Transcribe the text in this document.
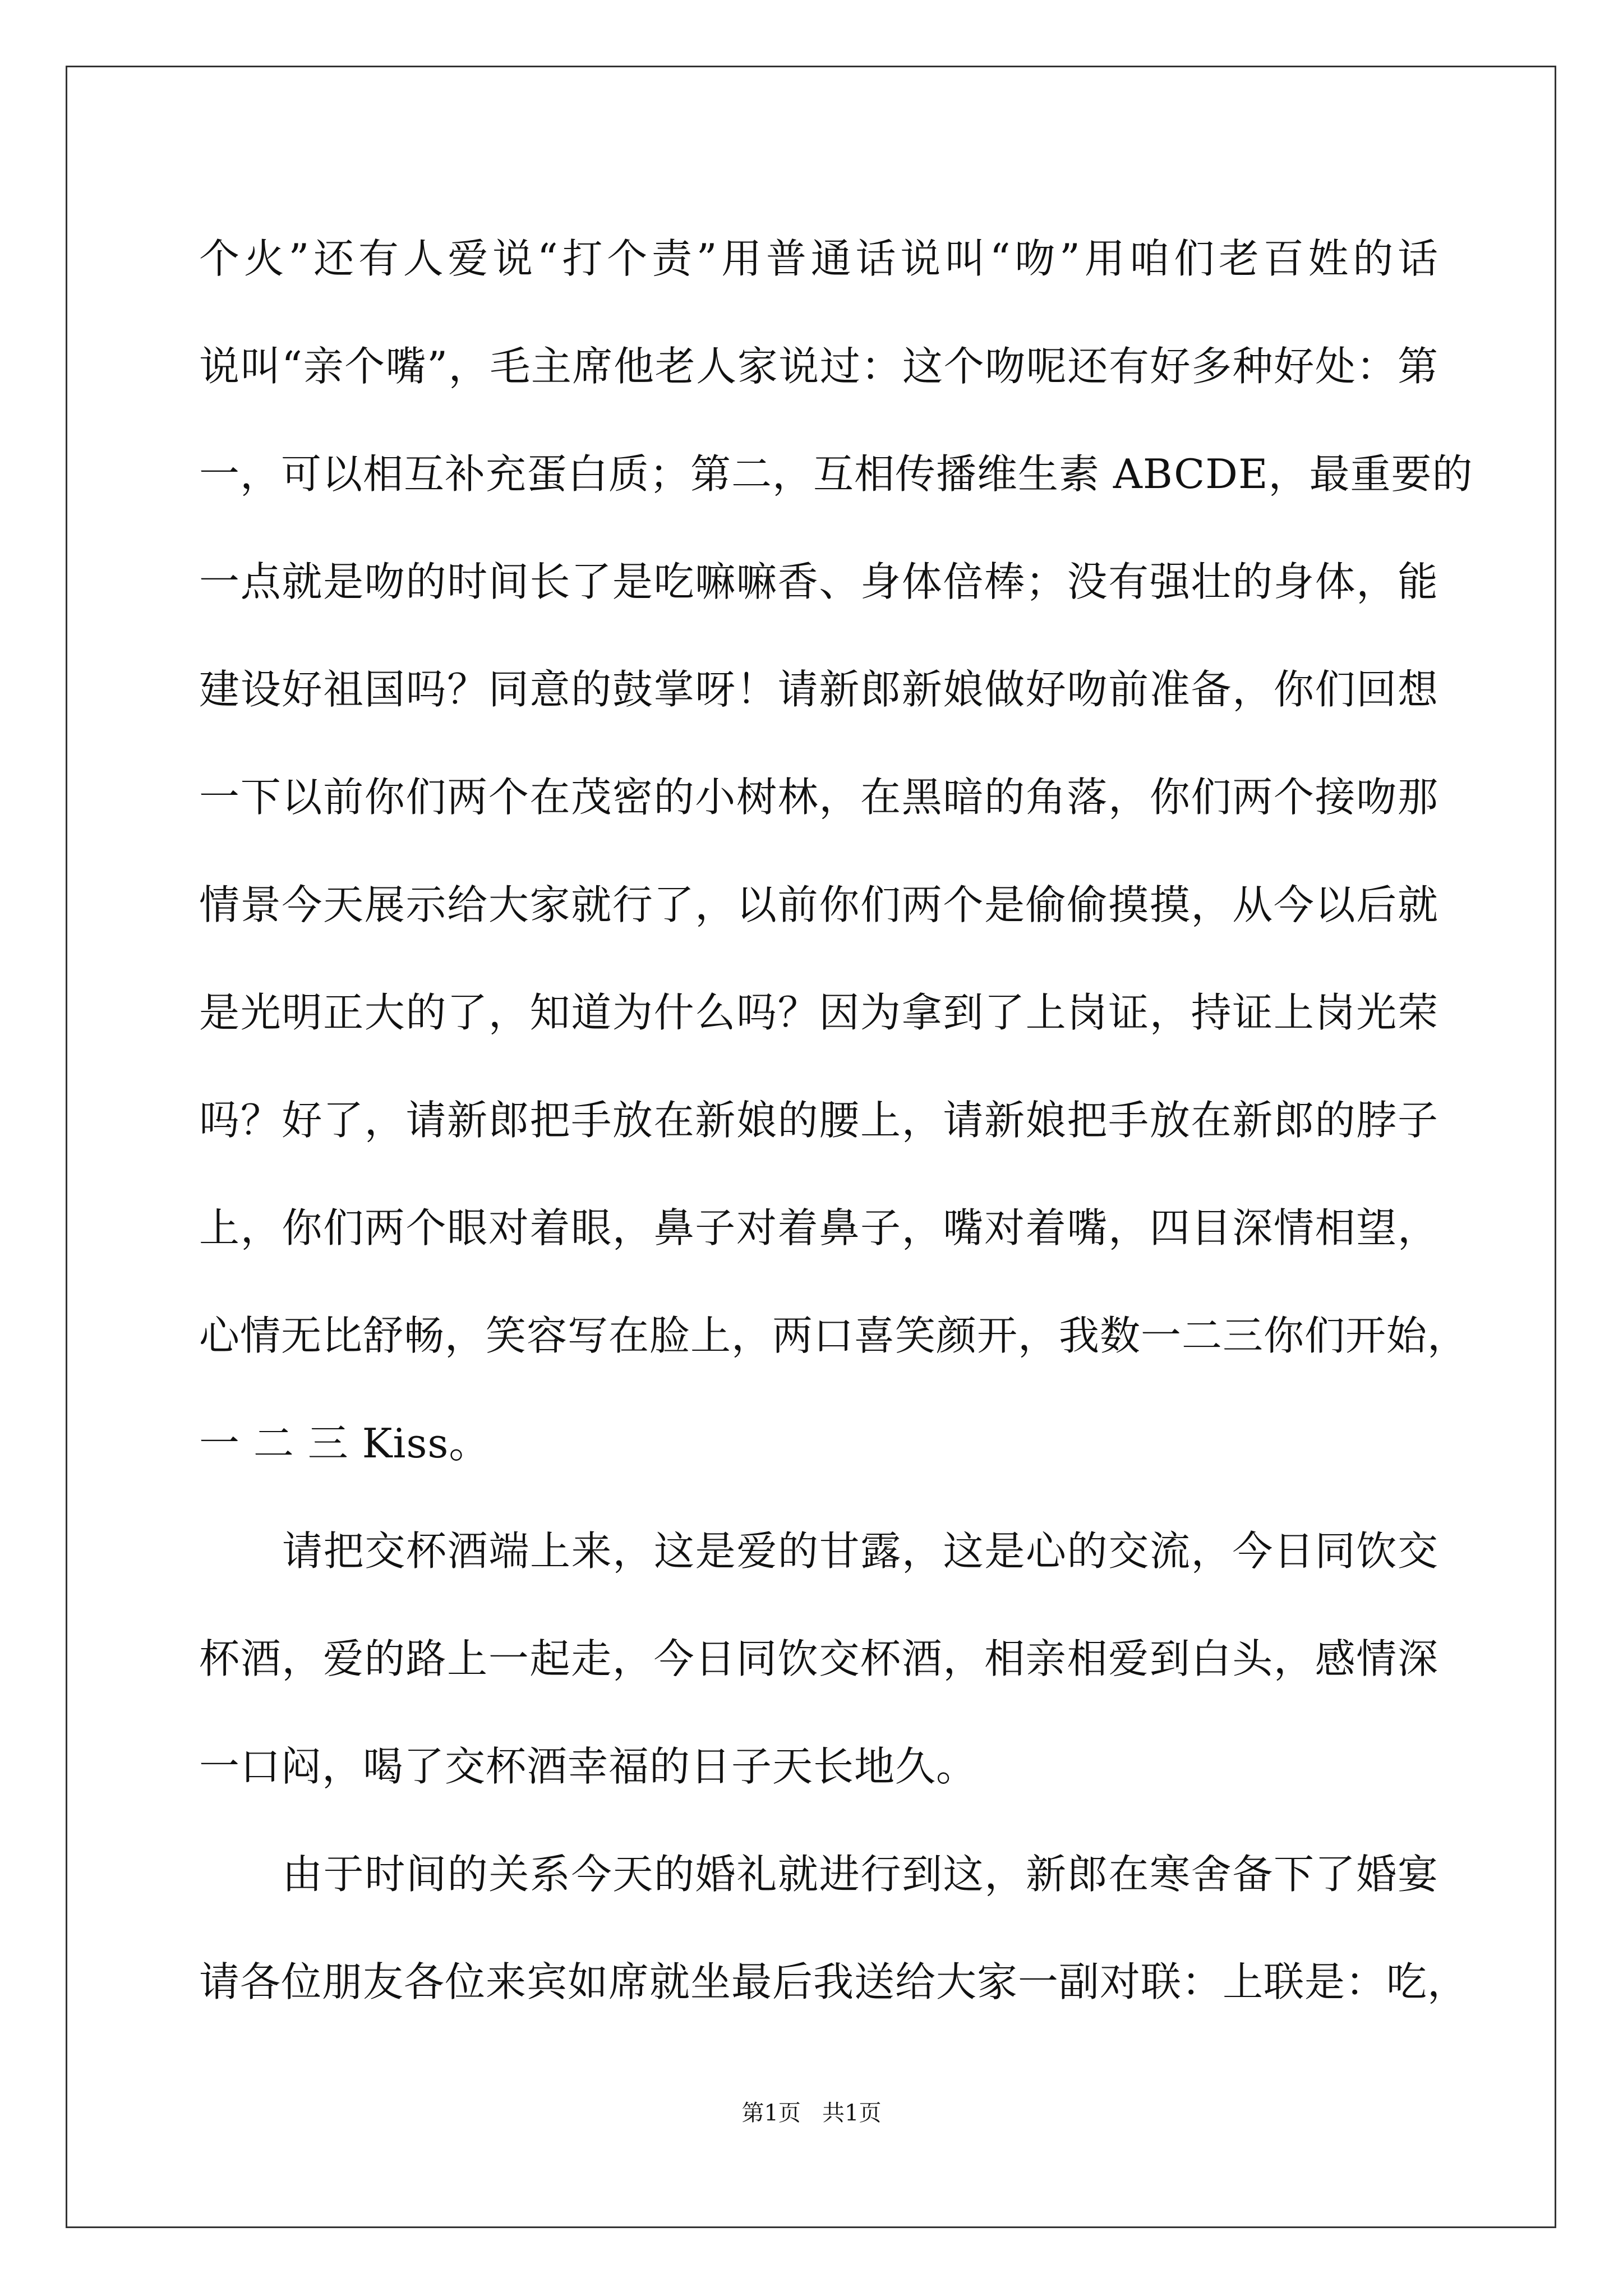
个火”还有人爱说“打个责”用普通话说叫“吻”用咱们老百姓的话
说叫“亲个嘴”，毛主席他老人家说过：这个吻呢还有好多种好处：第
一，可以相互补充蛋白质；第二，互相传播维生素 ABCDE，最重要的
一点就是吻的时间长了是吃嘛嘛香、身体倍棒；没有强壮的身体，能
建设好祖国吗？同意的鼓掌呀！请新郎新娘做好吻前准备，你们回想
一下以前你们两个在茂密的小树林，在黑暗的角落，你们两个接吻那
情景今天展示给大家就行了，以前你们两个是偷偷摸摸，从今以后就
是光明正大的了，知道为什么吗？因为拿到了上岗证，持证上岗光荣
吗？好了，请新郎把手放在新娘的腰上，请新娘把手放在新郎的脖子
上，你们两个眼对着眼，鼻子对着鼻子，嘴对着嘴，四目深情相望，
心情无比舒畅，笑容写在脸上，两口喜笑颜开，我数一二三你们开始，
一 二 三 Kiss。
请把交杯酒端上来，这是爱的甘露，这是心的交流，今日同饮交
杯酒，爱的路上一起走，今日同饮交杯酒，相亲相爱到白头，感情深
一口闷，喝了交杯酒幸福的日子天长地久。
由于时间的关系今天的婚礼就进行到这，新郎在寒舍备下了婚宴
请各位朋友各位来宾如席就坐最后我送给大家一副对联：上联是：吃，
第1页   共1页
